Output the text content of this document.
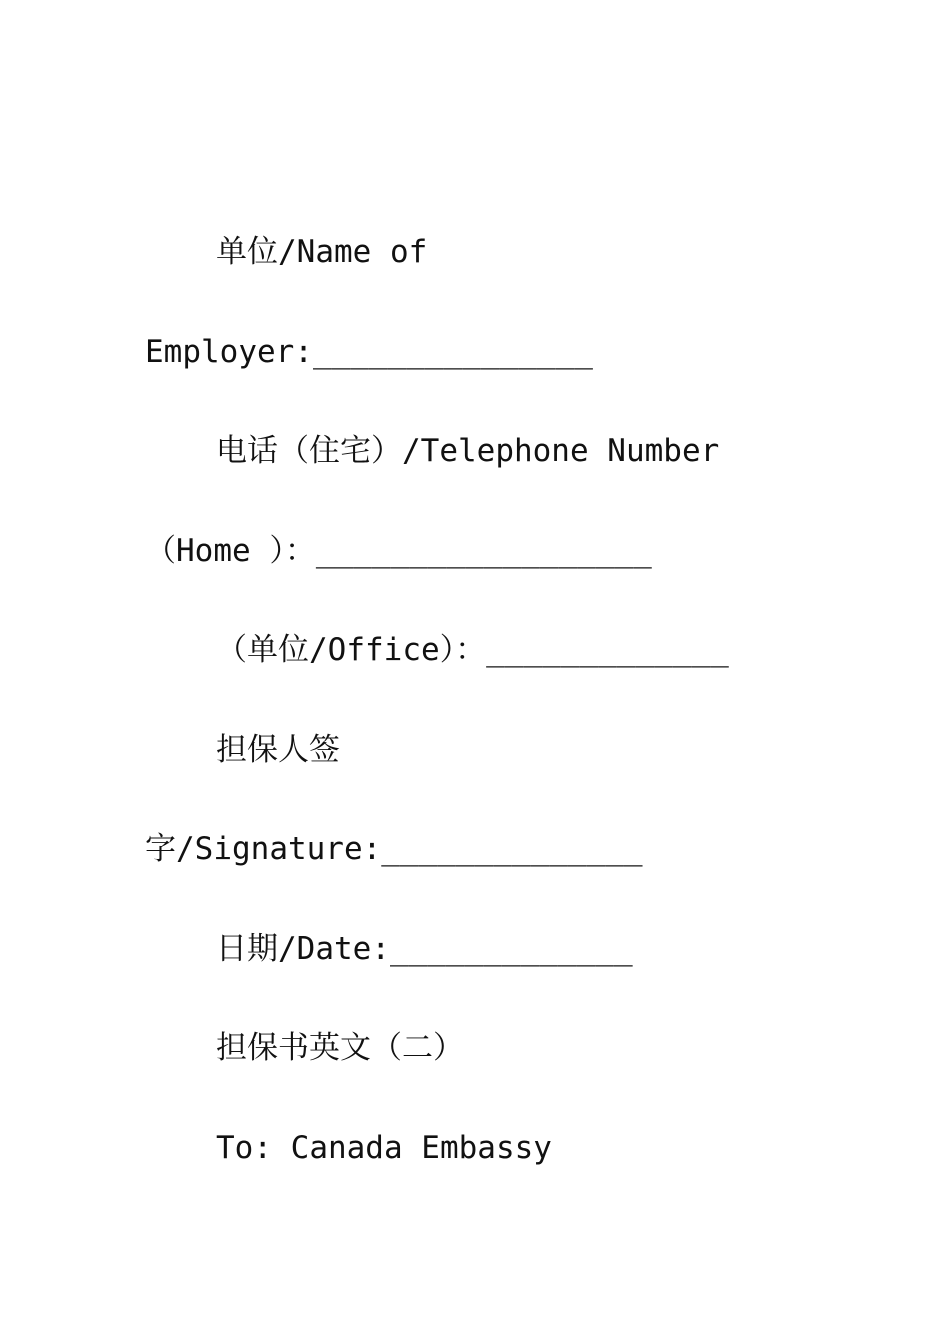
单位/Name of
Employer:_______________
电话（住宅）/Telephone Number
（Home ）：__________________
（单位/Office）：_____________
担保人签
字/Signature:______________
日期/Date:_____________
担保书英文（二）
To: Canada Embassy
